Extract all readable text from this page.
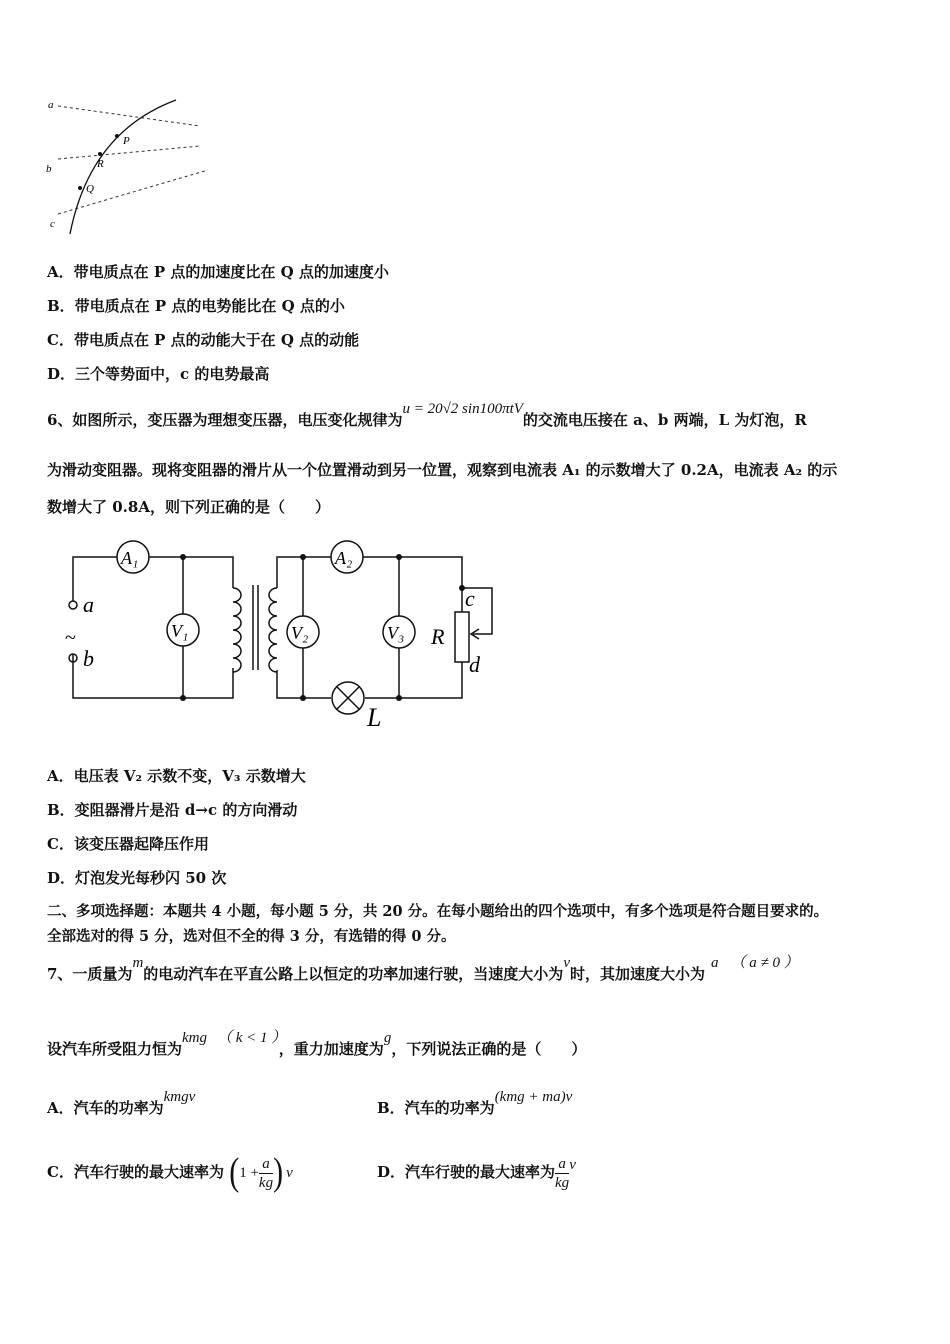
a
b
c
P
R
Q
A．带电质点在 P 点的加速度比在 Q 点的加速度小
B．带电质点在 P 点的电势能比在 Q 点的小
C．带电质点在 P 点的动能大于在 Q 点的动能
D．三个等势面中，c 的电势最高
6、如图所示，变压器为理想变压器，电压变化规律为u = 20√2 sin100πtV的交流电压接在 a、b 两端，L 为灯泡，R
为滑动变阻器。现将变阻器的滑片从一个位置滑动到另一位置，观察到电流表 A₁ 的示数增大了 0.2A，电流表 A₂ 的示
数增大了 0.8A，则下列正确的是（　　）
A₁	A₂
V₁	V₂	V₃
a
~
b
R
c
d
L
A．电压表 V₂ 示数不变，V₃ 示数增大
B．变阻器滑片是沿 d→c 的方向滑动
C．该变压器起降压作用
D．灯泡发光每秒闪 50 次
二、多项选择题：本题共 4 小题，每小题 5 分，共 20 分。在每小题给出的四个选项中，有多个选项是符合题目要求的。
全部选对的得 5 分，选对但不全的得 3 分，有选错的得 0 分。
7、一质量为m的电动汽车在平直公路上以恒定的功率加速行驶，当速度大小为v时，其加速度大小为a （ a ≠ 0 ）
设汽车所受阻力恒为kmg （ k < 1 ），重力加速度为g，下列说法正确的是（　　）
A．汽车的功率为kmgv
B．汽车的功率为(kmg + ma)v
C．汽车行驶的最大速率为 ($1 + \frac{a}{kg}$ ) v	D．汽车行驶的最大速率为 $\frac{a}{kg}$ v
